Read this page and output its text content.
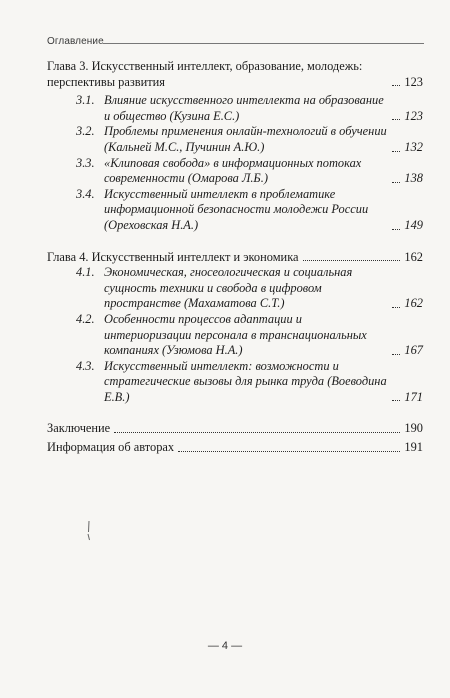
Оглавление
Глава 3. Искусственный интеллект, образование, молодежь: перспективы развития	123
3.1. Влияние искусственного интеллекта на образование и общество (Кузина Е.С.)	123
3.2. Проблемы применения онлайн-технологий в обучении (Кальней М.С., Пучинин А.Ю.)	132
3.3. «Клиповая свобода» в информационных потоках современности (Омарова Л.Б.)	138
3.4. Искусственный интеллект в проблематике информационной безопасности молодежи России (Ореховская Н.А.)	149
Глава 4. Искусственный интеллект и экономика	162
4.1. Экономическая, гносеологическая и социальная сущность техники и свобода в цифровом пространстве (Махаматова С.Т.)	162
4.2. Особенности процессов адаптации и интериоризации персонала в транснациональных компаниях (Узюмова Н.А.)	167
4.3. Искусственный интеллект: возможности и стратегические вызовы для рынка труда (Воеводина Е.В.)	171
Заключение	190
Информация об авторах	191
— 4 —
